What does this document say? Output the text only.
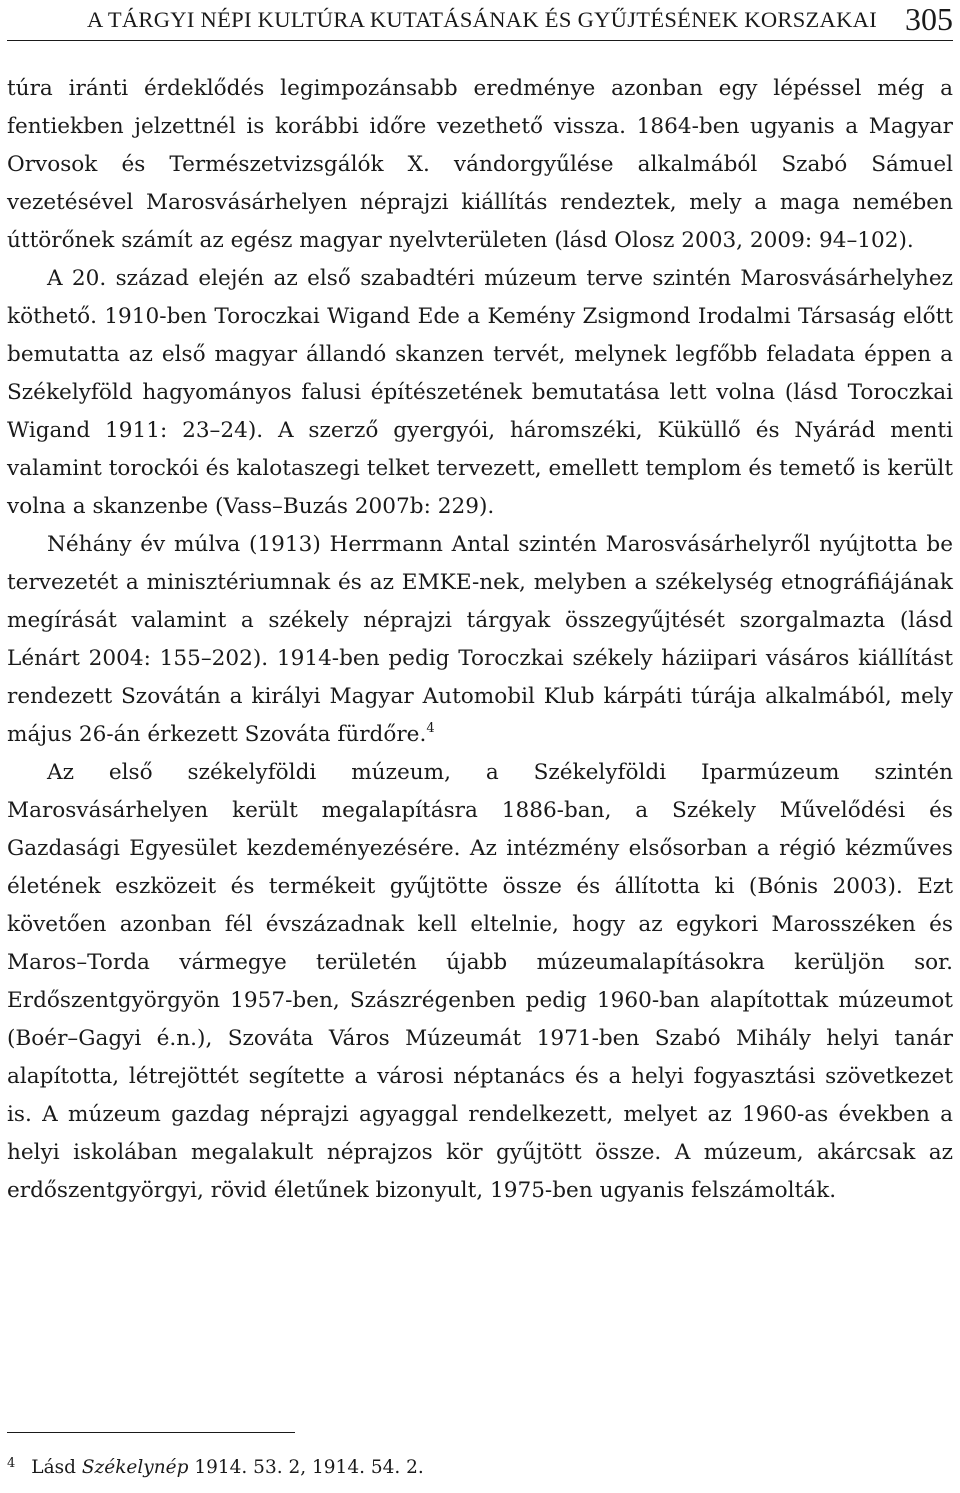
A TÁRGYI NÉPI KULTÚRA KUTATÁSÁNAK ÉS GYŰJTÉSÉNEK KORSZAKAI 305

túra iránti érdeklődés legimpozánsabb eredménye azonban egy lépéssel még a fentiekben jelzettnél is korábbi időre vezethető vissza. 1864-ben ugyanis a Magyar Orvosok és Természetvizsgálók X. vándorgyűlése alkalmából Szabó Sámuel vezetésével Marosvásárhelyen néprajzi kiállítás rendeztek, mely a maga nemében úttörőnek számít az egész magyar nyelvterületen (lásd Olosz 2003, 2009: 94–102).

A 20. század elején az első szabadtéri múzeum terve szintén Marosvásárhelyhez köthető. 1910-ben Toroczkai Wigand Ede a Kemény Zsigmond Irodalmi Társaság előtt bemutatta az első magyar állandó skanzen tervét, melynek legfőbb feladata éppen a Székelyföld hagyományos falusi építészetének bemutatása lett volna (lásd Toroczkai Wigand 1911: 23–24). A szerző gyergyói, háromszéki, Küküllő és Nyárád menti valamint torockói és kalotaszegi telket tervezett, emellett templom és temető is került volna a skanzenbe (Vass–Buzás 2007b: 229).

Néhány év múlva (1913) Herrmann Antal szintén Marosvásárhelyről nyújtotta be tervezetét a minisztériumnak és az EMKE-nek, melyben a székelység etnográfiájának megírását valamint a székely néprajzi tárgyak összegyűjtését szorgalmazta (lásd Lénárt 2004: 155–202). 1914-ben pedig Toroczkai székely háziipari vásáros kiállítást rendezett Szovátán a királyi Magyar Automobil Klub kárpáti túrája alkalmából, mely május 26-án érkezett Szováta fürdőre.$^4$

Az első székelyföldi múzeum, a Székelyföldi Iparmúzeum szintén Marosvásárhelyen került megalapításra 1886-ban, a Székely Művelődési és Gazdasági Egyesület kezdeményezésére. Az intézmény elsősorban a régió kézműves életének eszközeit és termékeit gyűjtötte össze és állította ki (Bónis 2003). Ezt követően azonban fél évszázadnak kell eltelnie, hogy az egykori Marosszéken és Maros–Torda vármegye területén újabb múzeumalapításokra kerüljön sor. Erdőszentgyörgyön 1957-ben, Szászrégenben pedig 1960-ban alapítottak múzeumot (Boér–Gagyi é.n.), Szováta Város Múzeumát 1971-ben Szabó Mihály helyi tanár alapította, létrejöttét segítette a városi néptanács és a helyi fogyasztási szövetkezet is. A múzeum gazdag néprajzi agyaggal rendelkezett, melyet az 1960-as években a helyi iskolában megalakult néprajzos kör gyűjtött össze. A múzeum, akárcsak az erdőszentgyörgyi, rövid életűnek bizonyult, 1975-ben ugyanis felszámolták.

$^4$ Lásd Székelynép 1914. 53. 2, 1914. 54. 2.
